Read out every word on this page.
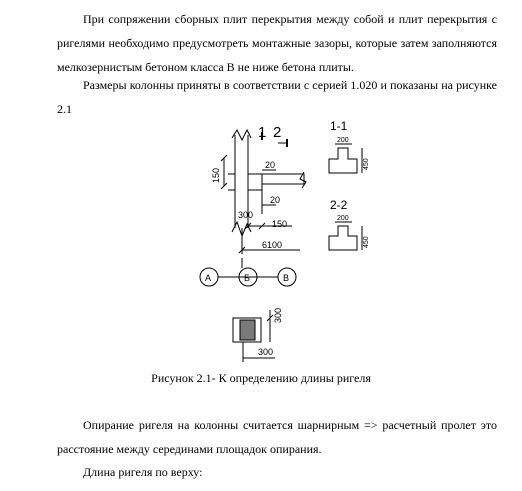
При сопряжении сборных плит перекрытия между собой и плит перекрытия с ригелями необходимо предусмотреть монтажные зазоры, которые затем заполняются мелкозернистым бетоном класса В не ниже бетона плиты.

Размеры колонны приняты в соответствии с серией 1.020 и показаны на рисунке 2.1

1 2
150
20
20
300
150
6100
А	Б	В
1-1
200
450
2-2
200
450
300
300

Рисунок 2.1- К определению длины ригеля

Опирание ригеля на колонны считается шарнирным => расчетный пролет это расстояние между серединами площадок опирания.

Длина ригеля по верху:
